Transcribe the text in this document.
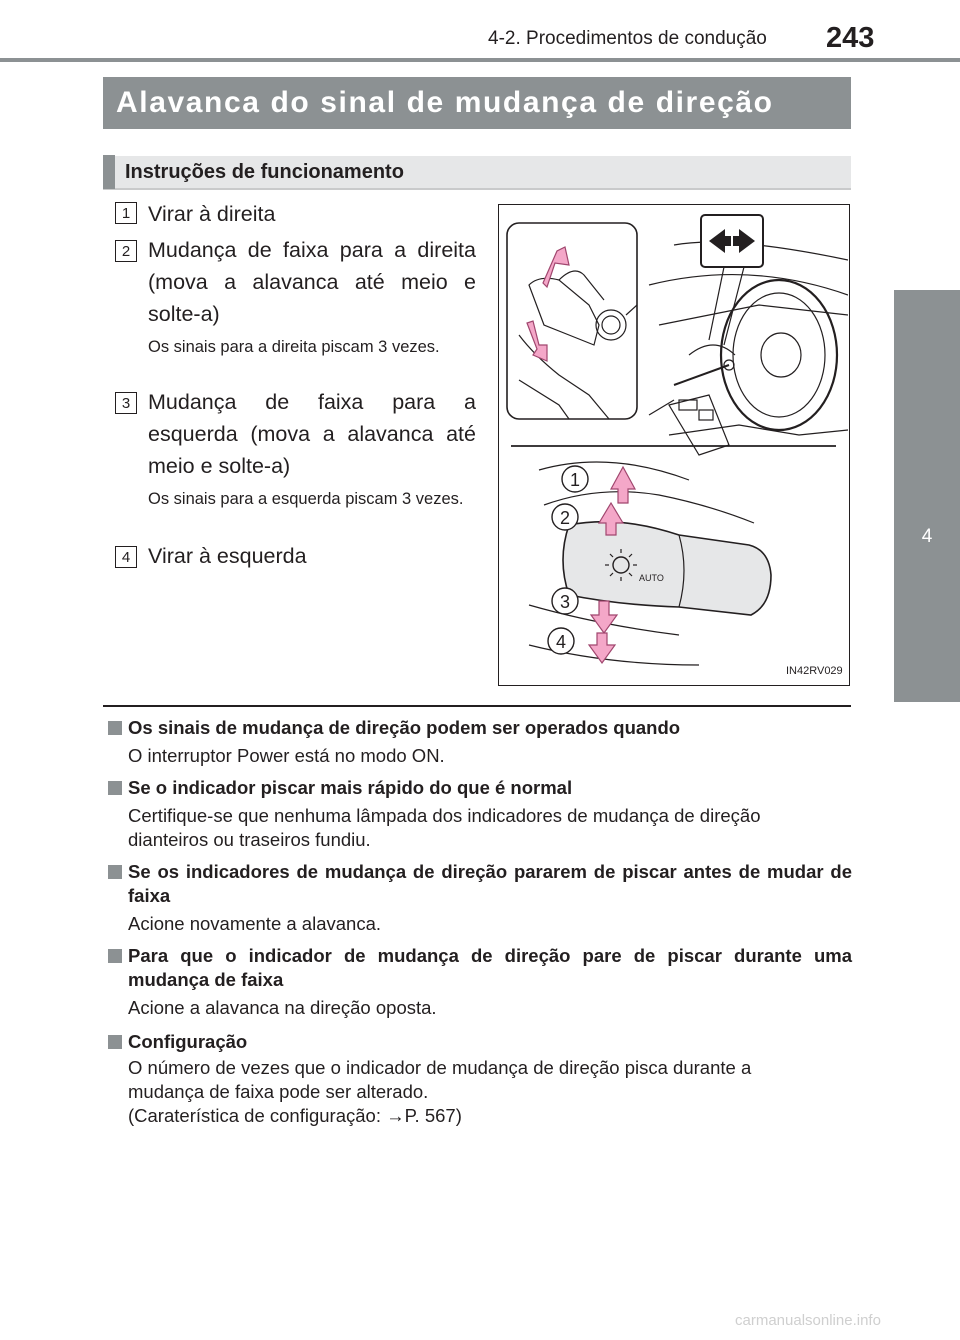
4-2. Procedimentos de condução 243
4
Condução
Alavanca do sinal de mudança de direção
Instruções de funcionamento
1 Virar à direita
2 Mudança de faixa para a direita (mova a alavanca até meio e solte-a)
Os sinais para a direita piscam 3 vezes.
3 Mudança de faixa para a esquerda (mova a alavanca até meio e solte-a)
Os sinais para a esquerda piscam 3 vezes.
4 Virar à esquerda
AUTO
1
2
3
4
IN42RV029
Os sinais de mudança de direção podem ser operados quando
O interruptor Power está no modo ON.
Se o indicador piscar mais rápido do que é normal
Certifique-se que nenhuma lâmpada dos indicadores de mudança de direção
dianteiros ou traseiros fundiu.
Se os indicadores de mudança de direção pararem de piscar antes de mudar de faixa
Acione novamente a alavanca.
Para que o indicador de mudança de direção pare de piscar durante uma mudança de faixa
Acione a alavanca na direção oposta.
Configuração
O número de vezes que o indicador de mudança de direção pisca durante a
mudança de faixa pode ser alterado.
(Caraterística de configuração: →P. 567)
carmanualsonline.info
